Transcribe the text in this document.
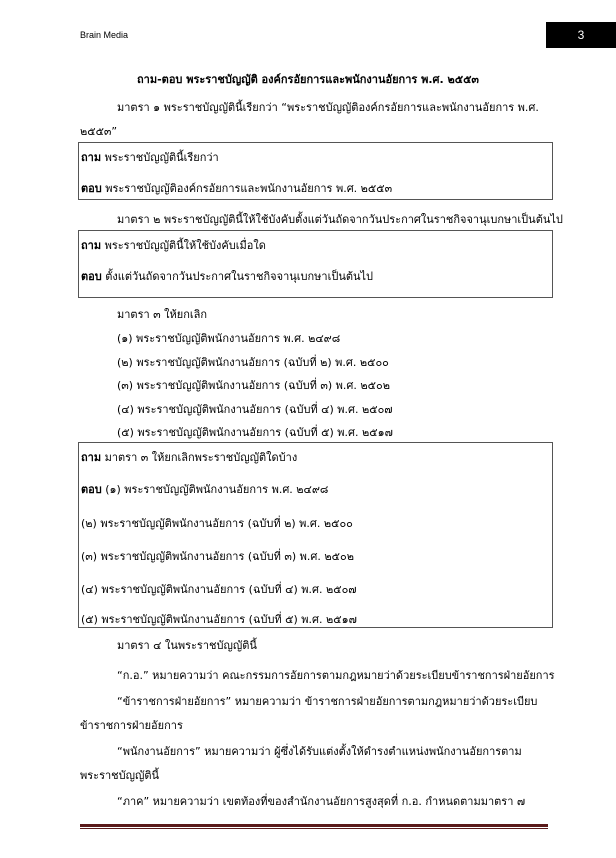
Brain Media	3
ถาม-ตอบ พระราชบัญญัติ องค์กรอัยการและพนักงานอัยการ พ.ศ. ๒๕๕๓
มาตรา ๑ พระราชบัญญัตินี้เรียกว่า “พระราชบัญญัติองค์กรอัยการและพนักงานอัยการ พ.ศ.
๒๕๕๓”
ถาม พระราชบัญญัตินี้เรียกว่า
ตอบ พระราชบัญญัติองค์กรอัยการและพนักงานอัยการ พ.ศ. ๒๕๕๓
มาตรา ๒ พระราชบัญญัตินี้ให้ใช้บังคับตั้งแต่วันถัดจากวันประกาศในราชกิจจานุเบกษาเป็นต้นไป
ถาม พระราชบัญญัตินี้ให้ใช้บังคับเมื่อใด
ตอบ ตั้งแต่วันถัดจากวันประกาศในราชกิจจานุเบกษาเป็นต้นไป
มาตรา ๓ ให้ยกเลิก
(๑) พระราชบัญญัติพนักงานอัยการ พ.ศ. ๒๔๙๘
(๒) พระราชบัญญัติพนักงานอัยการ (ฉบับที่ ๒) พ.ศ. ๒๕๐๐
(๓) พระราชบัญญัติพนักงานอัยการ (ฉบับที่ ๓) พ.ศ. ๒๕๐๒
(๔) พระราชบัญญัติพนักงานอัยการ (ฉบับที่ ๔) พ.ศ. ๒๕๐๗
(๕) พระราชบัญญัติพนักงานอัยการ (ฉบับที่ ๕) พ.ศ. ๒๕๑๗
ถาม มาตรา ๓ ให้ยกเลิกพระราชบัญญัติใดบ้าง
ตอบ (๑) พระราชบัญญัติพนักงานอัยการ พ.ศ. ๒๔๙๘
(๒) พระราชบัญญัติพนักงานอัยการ (ฉบับที่ ๒) พ.ศ. ๒๕๐๐
(๓) พระราชบัญญัติพนักงานอัยการ (ฉบับที่ ๓) พ.ศ. ๒๕๐๒
(๔) พระราชบัญญัติพนักงานอัยการ (ฉบับที่ ๔) พ.ศ. ๒๕๐๗
(๕) พระราชบัญญัติพนักงานอัยการ (ฉบับที่ ๕) พ.ศ. ๒๕๑๗
มาตรา ๔ ในพระราชบัญญัตินี้
“ก.อ.” หมายความว่า คณะกรรมการอัยการตามกฎหมายว่าด้วยระเบียบข้าราชการฝ่ายอัยการ
“ข้าราชการฝ่ายอัยการ” หมายความว่า ข้าราชการฝ่ายอัยการตามกฎหมายว่าด้วยระเบียบ
ข้าราชการฝ่ายอัยการ
“พนักงานอัยการ” หมายความว่า ผู้ซึ่งได้รับแต่งตั้งให้ดำรงตำแหน่งพนักงานอัยการตาม
พระราชบัญญัตินี้
“ภาค” หมายความว่า เขตท้องที่ของสำนักงานอัยการสูงสุดที่ ก.อ. กำหนดตามมาตรา ๗
